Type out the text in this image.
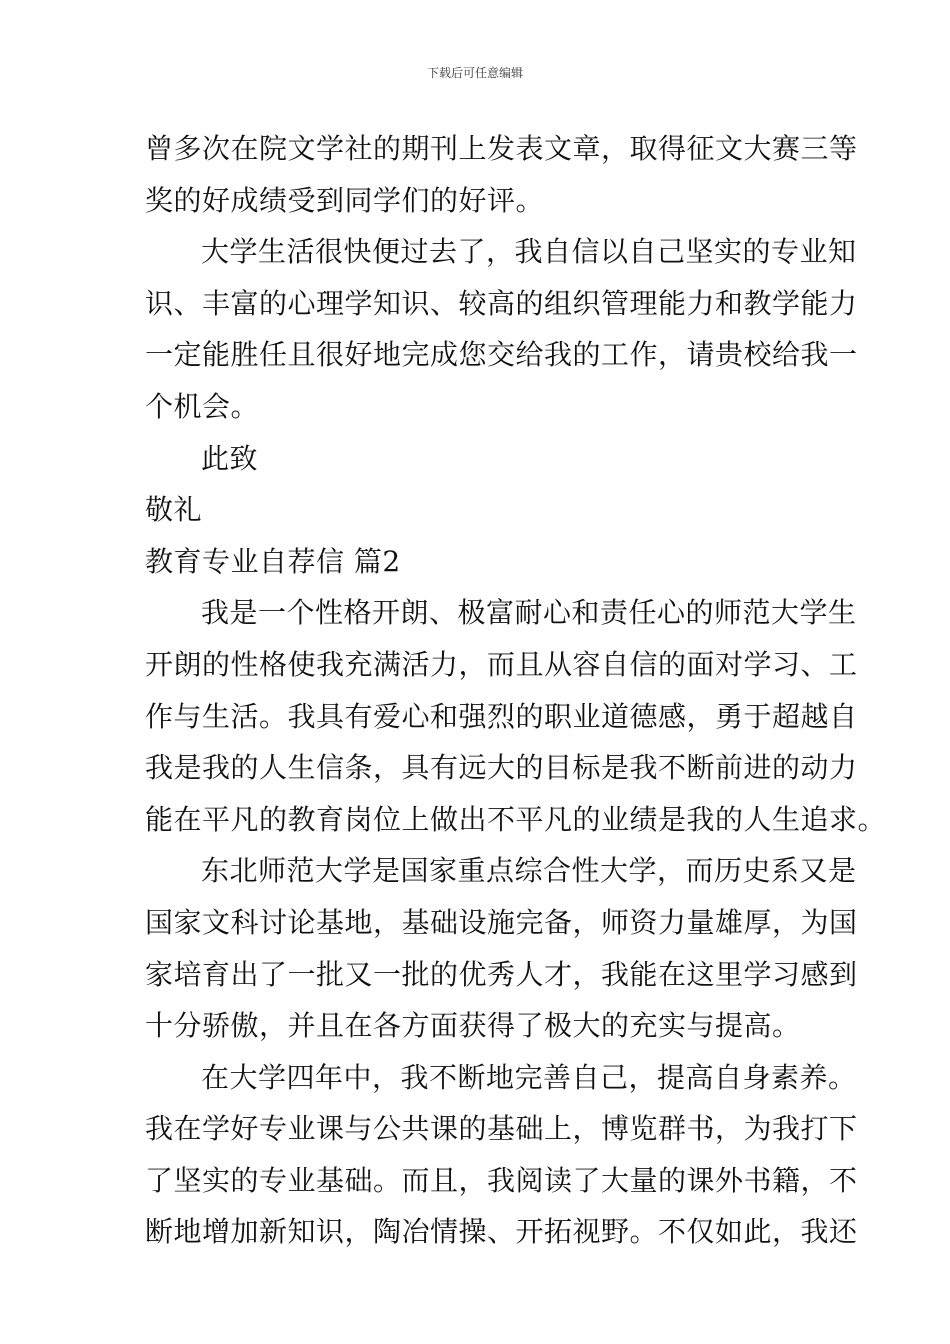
下载后可任意编辑
曾多次在院文学社的期刊上发表文章，取得征文大赛三等
奖的好成绩受到同学们的好评。
大学生活很快便过去了，我自信以自己坚实的专业知
识、丰富的心理学知识、较高的组织管理能力和教学能力
一定能胜任且很好地完成您交给我的工作，请贵校给我一
个机会。
此致
敬礼
教育专业自荐信 篇2
我是一个性格开朗、极富耐心和责任心的师范大学生
开朗的性格使我充满活力，而且从容自信的面对学习、工
作与生活。我具有爱心和强烈的职业道德感，勇于超越自
我是我的人生信条，具有远大的目标是我不断前进的动力
能在平凡的教育岗位上做出不平凡的业绩是我的人生追求。
东北师范大学是国家重点综合性大学，而历史系又是
国家文科讨论基地，基础设施完备，师资力量雄厚，为国
家培育出了一批又一批的优秀人才，我能在这里学习感到
十分骄傲，并且在各方面获得了极大的充实与提高。
在大学四年中，我不断地完善自己，提高自身素养。
我在学好专业课与公共课的基础上，博览群书，为我打下
了坚实的专业基础。而且，我阅读了大量的课外书籍，不
断地增加新知识，陶冶情操、开拓视野。不仅如此，我还
